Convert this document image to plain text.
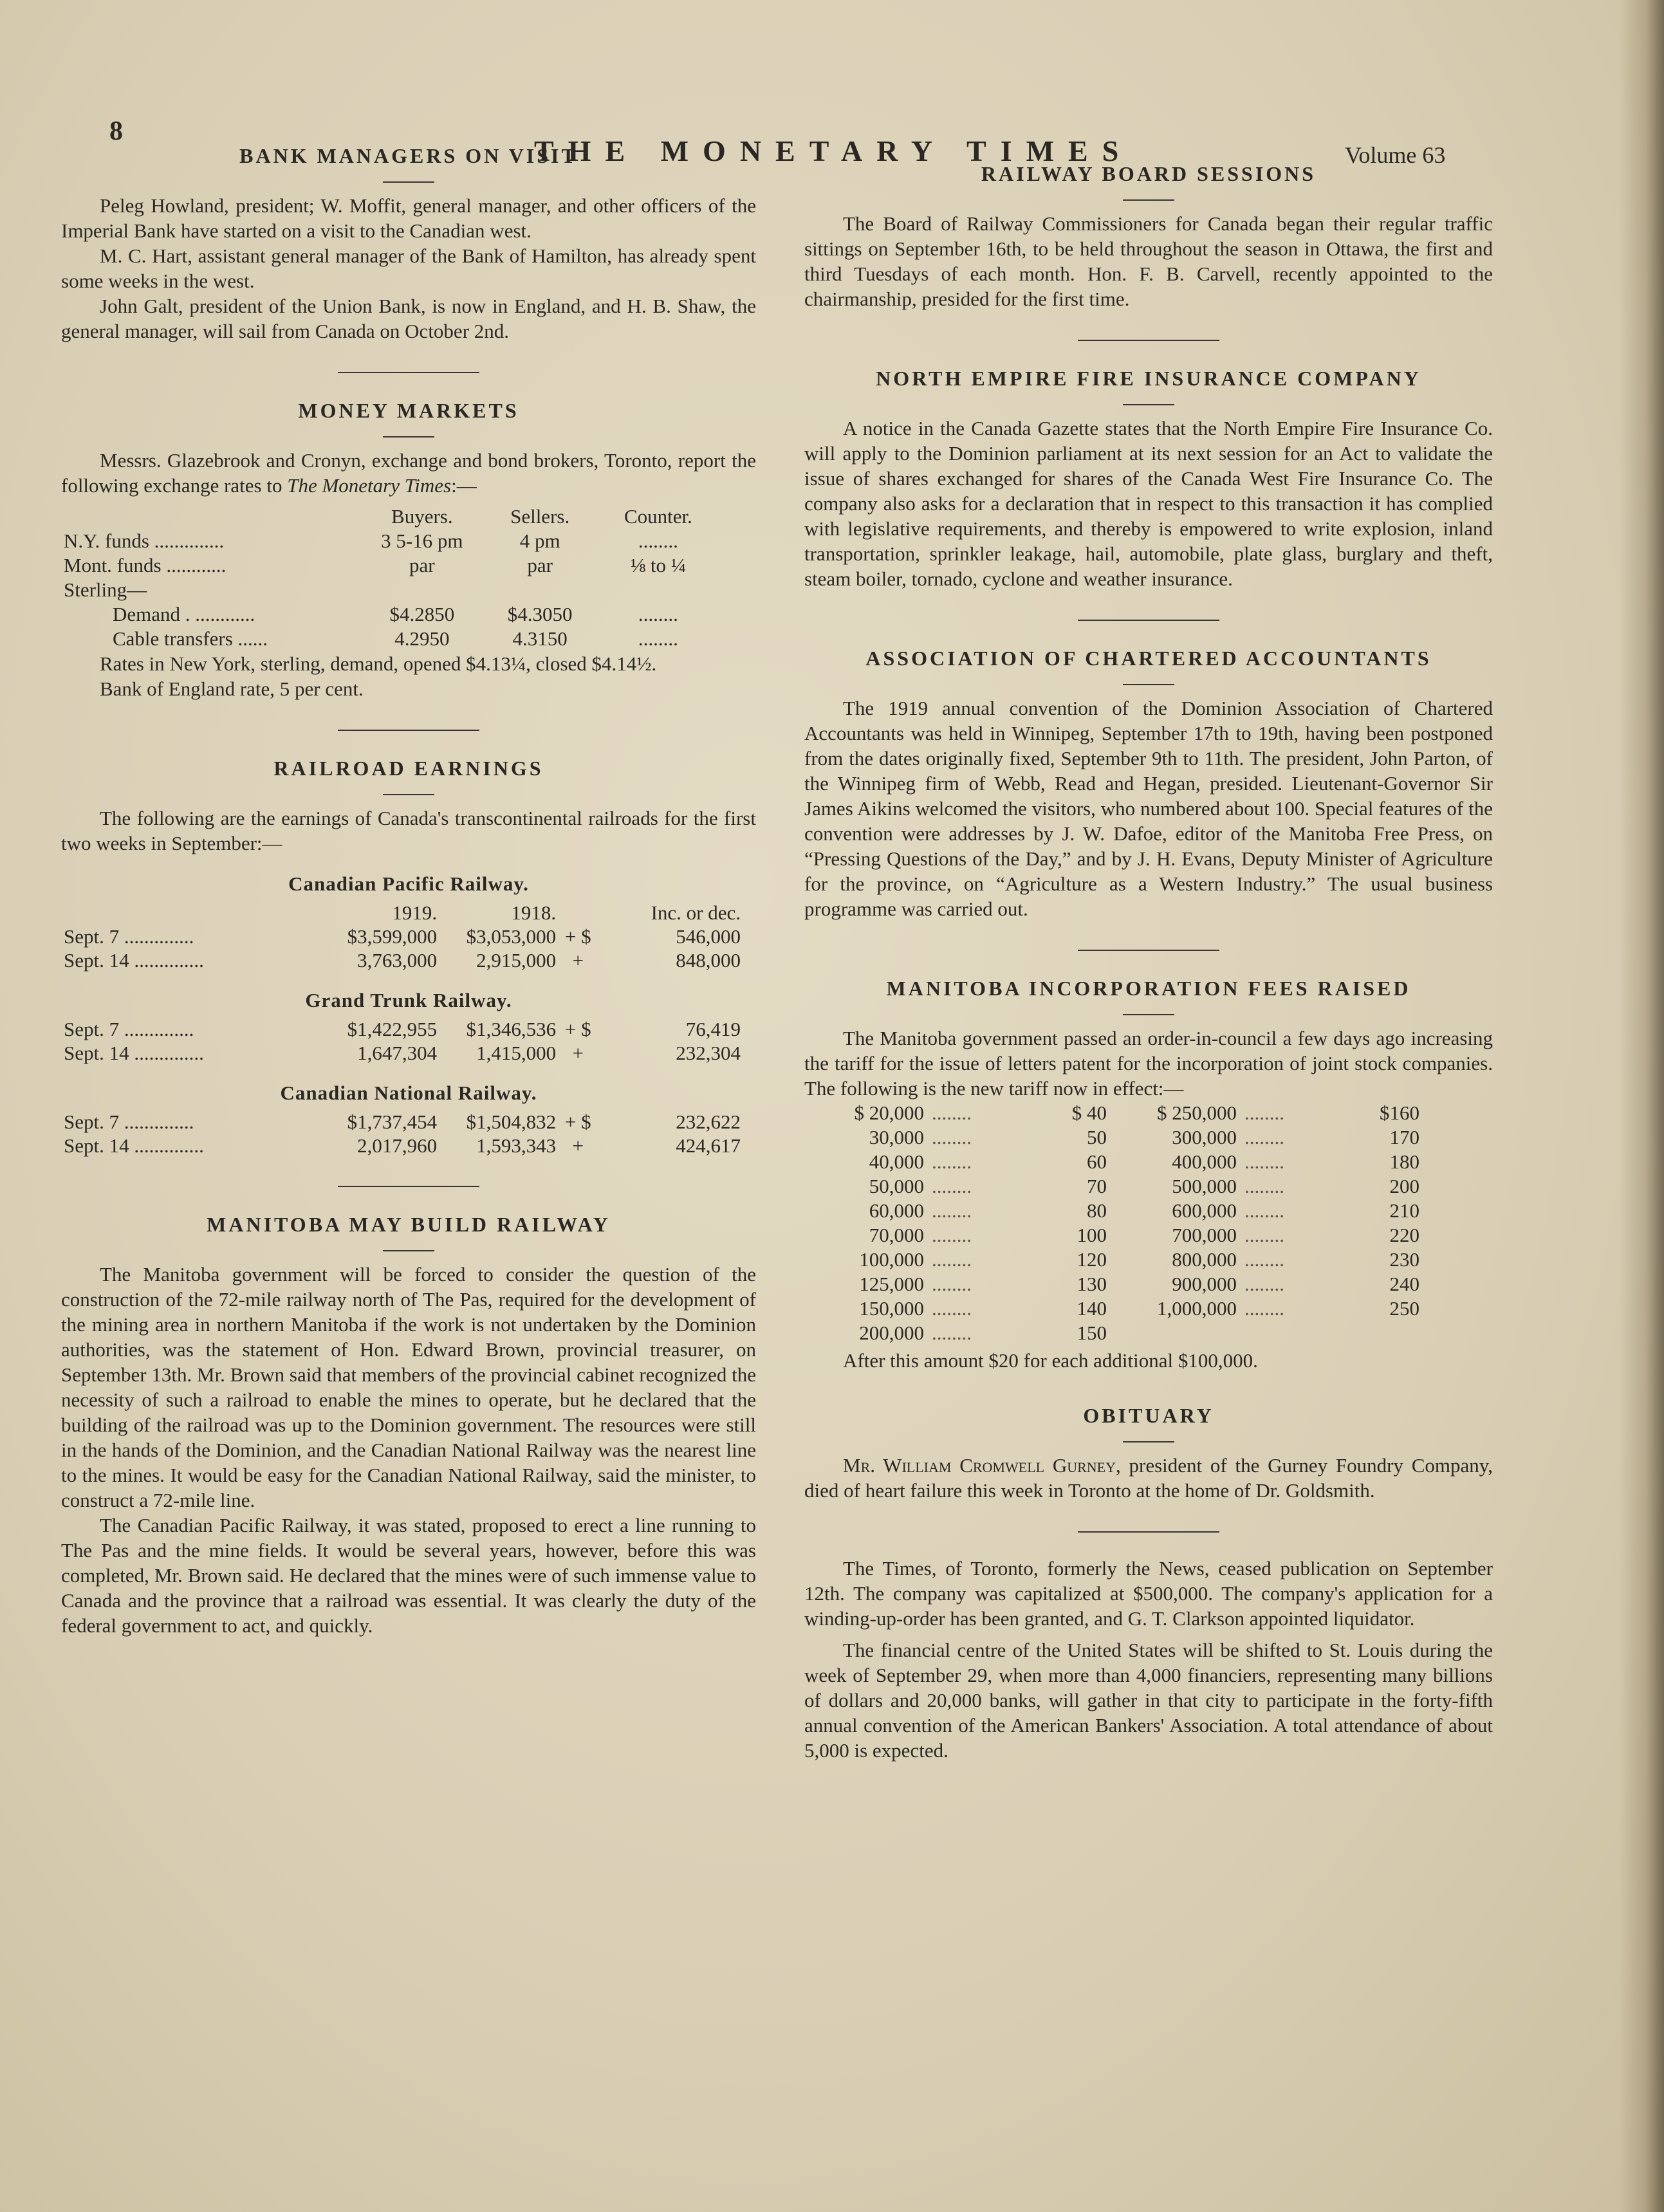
8
THE MONETARY TIMES	Volume 63
BANK MANAGERS ON VISIT

Peleg Howland, president; W. Moffit, general manager, and other officers of the Imperial Bank have started on a visit to the Canadian west.

M. C. Hart, assistant general manager of the Bank of Hamilton, has already spent some weeks in the west.

John Galt, president of the Union Bank, is now in England, and H. B. Shaw, the general manager, will sail from Canada on October 2nd.

MONEY MARKETS

Messrs. Glazebrook and Cronyn, exchange and bond brokers, Toronto, report the following exchange rates to The Monetary Times:—

	Buyers.	Sellers.	Counter.
N.Y. funds ..............	3 5-16 pm	4 pm	........
Mont. funds ............	par	par	⅛ to ¼
Sterling—			
Demand . ............	$4.2850	$4.3050	........
Cable transfers ......	4.2950	4.3150	........

Rates in New York, sterling, demand, opened $4.13¼, closed $4.14½.

Bank of England rate, 5 per cent.

RAILROAD EARNINGS

The following are the earnings of Canada's transcontinental railroads for the first two weeks in September:—

Canadian Pacific Railway.
	1919.	1918.		Inc. or dec.
Sept. 7 ..............	$3,599,000	$3,053,000	+ $	546,000
Sept. 14 ..............	3,763,000	2,915,000	+	848,000
Grand Trunk Railway.
Sept. 7 ..............	$1,422,955	$1,346,536	+ $	76,419
Sept. 14 ..............	1,647,304	1,415,000	+	232,304
Canadian National Railway.
Sept. 7 ..............	$1,737,454	$1,504,832	+ $	232,622
Sept. 14 ..............	2,017,960	1,593,343	+	424,617
MANITOBA MAY BUILD RAILWAY

The Manitoba government will be forced to consider the question of the construction of the 72-mile railway north of The Pas, required for the development of the mining area in northern Manitoba if the work is not undertaken by the Dominion authorities, was the statement of Hon. Edward Brown, provincial treasurer, on September 13th. Mr. Brown said that members of the provincial cabinet recognized the necessity of such a railroad to enable the mines to operate, but he declared that the building of the railroad was up to the Dominion government. The resources were still in the hands of the Dominion, and the Canadian National Railway was the nearest line to the mines. It would be easy for the Canadian National Railway, said the minister, to construct a 72-mile line.

The Canadian Pacific Railway, it was stated, proposed to erect a line running to The Pas and the mine fields. It would be several years, however, before this was completed, Mr. Brown said. He declared that the mines were of such immense value to Canada and the province that a railroad was essential. It was clearly the duty of the federal government to act, and quickly.

RAILWAY BOARD SESSIONS

The Board of Railway Commissioners for Canada began their regular traffic sittings on September 16th, to be held throughout the season in Ottawa, the first and third Tuesdays of each month. Hon. F. B. Carvell, recently appointed to the chairmanship, presided for the first time.

NORTH EMPIRE FIRE INSURANCE COMPANY

A notice in the Canada Gazette states that the North Empire Fire Insurance Co. will apply to the Dominion parliament at its next session for an Act to validate the issue of shares exchanged for shares of the Canada West Fire Insurance Co. The company also asks for a declaration that in respect to this transaction it has complied with legislative requirements, and thereby is empowered to write explosion, inland transportation, sprinkler leakage, hail, automobile, plate glass, burglary and theft, steam boiler, tornado, cyclone and weather insurance.

ASSOCIATION OF CHARTERED ACCOUNTANTS

The 1919 annual convention of the Dominion Association of Chartered Accountants was held in Winnipeg, September 17th to 19th, having been postponed from the dates originally fixed, September 9th to 11th. The president, John Parton, of the Winnipeg firm of Webb, Read and Hegan, presided. Lieutenant-Governor Sir James Aikins welcomed the visitors, who numbered about 100. Special features of the convention were addresses by J. W. Dafoe, editor of the Manitoba Free Press, on “Pressing Questions of the Day,” and by J. H. Evans, Deputy Minister of Agriculture for the province, on “Agriculture as a Western Industry.” The usual business programme was carried out.

MANITOBA INCORPORATION FEES RAISED

The Manitoba government passed an order-in-council a few days ago increasing the tariff for the issue of letters patent for the incorporation of joint stock companies. The following is the new tariff now in effect:—

$ 20,000	........	$ 40	$ 250,000	........	$160
30,000	........	50	300,000	........	170
40,000	........	60	400,000	........	180
50,000	........	70	500,000	........	200
60,000	........	80	600,000	........	210
70,000	........	100	700,000	........	220
100,000	........	120	800,000	........	230
125,000	........	130	900,000	........	240
150,000	........	140	1,000,000	........	250
200,000	........	150			
After this amount $20 for each additional $100,000.
OBITUARY

Mr. William Cromwell Gurney, president of the Gurney Foundry Company, died of heart failure this week in Toronto at the home of Dr. Goldsmith.

The Times, of Toronto, formerly the News, ceased publication on September 12th. The company was capitalized at $500,000. The company's application for a winding-up-order has been granted, and G. T. Clarkson appointed liquidator.

The financial centre of the United States will be shifted to St. Louis during the week of September 29, when more than 4,000 financiers, representing many billions of dollars and 20,000 banks, will gather in that city to participate in the forty-fifth annual convention of the American Bankers' Association. A total attendance of about 5,000 is expected.
